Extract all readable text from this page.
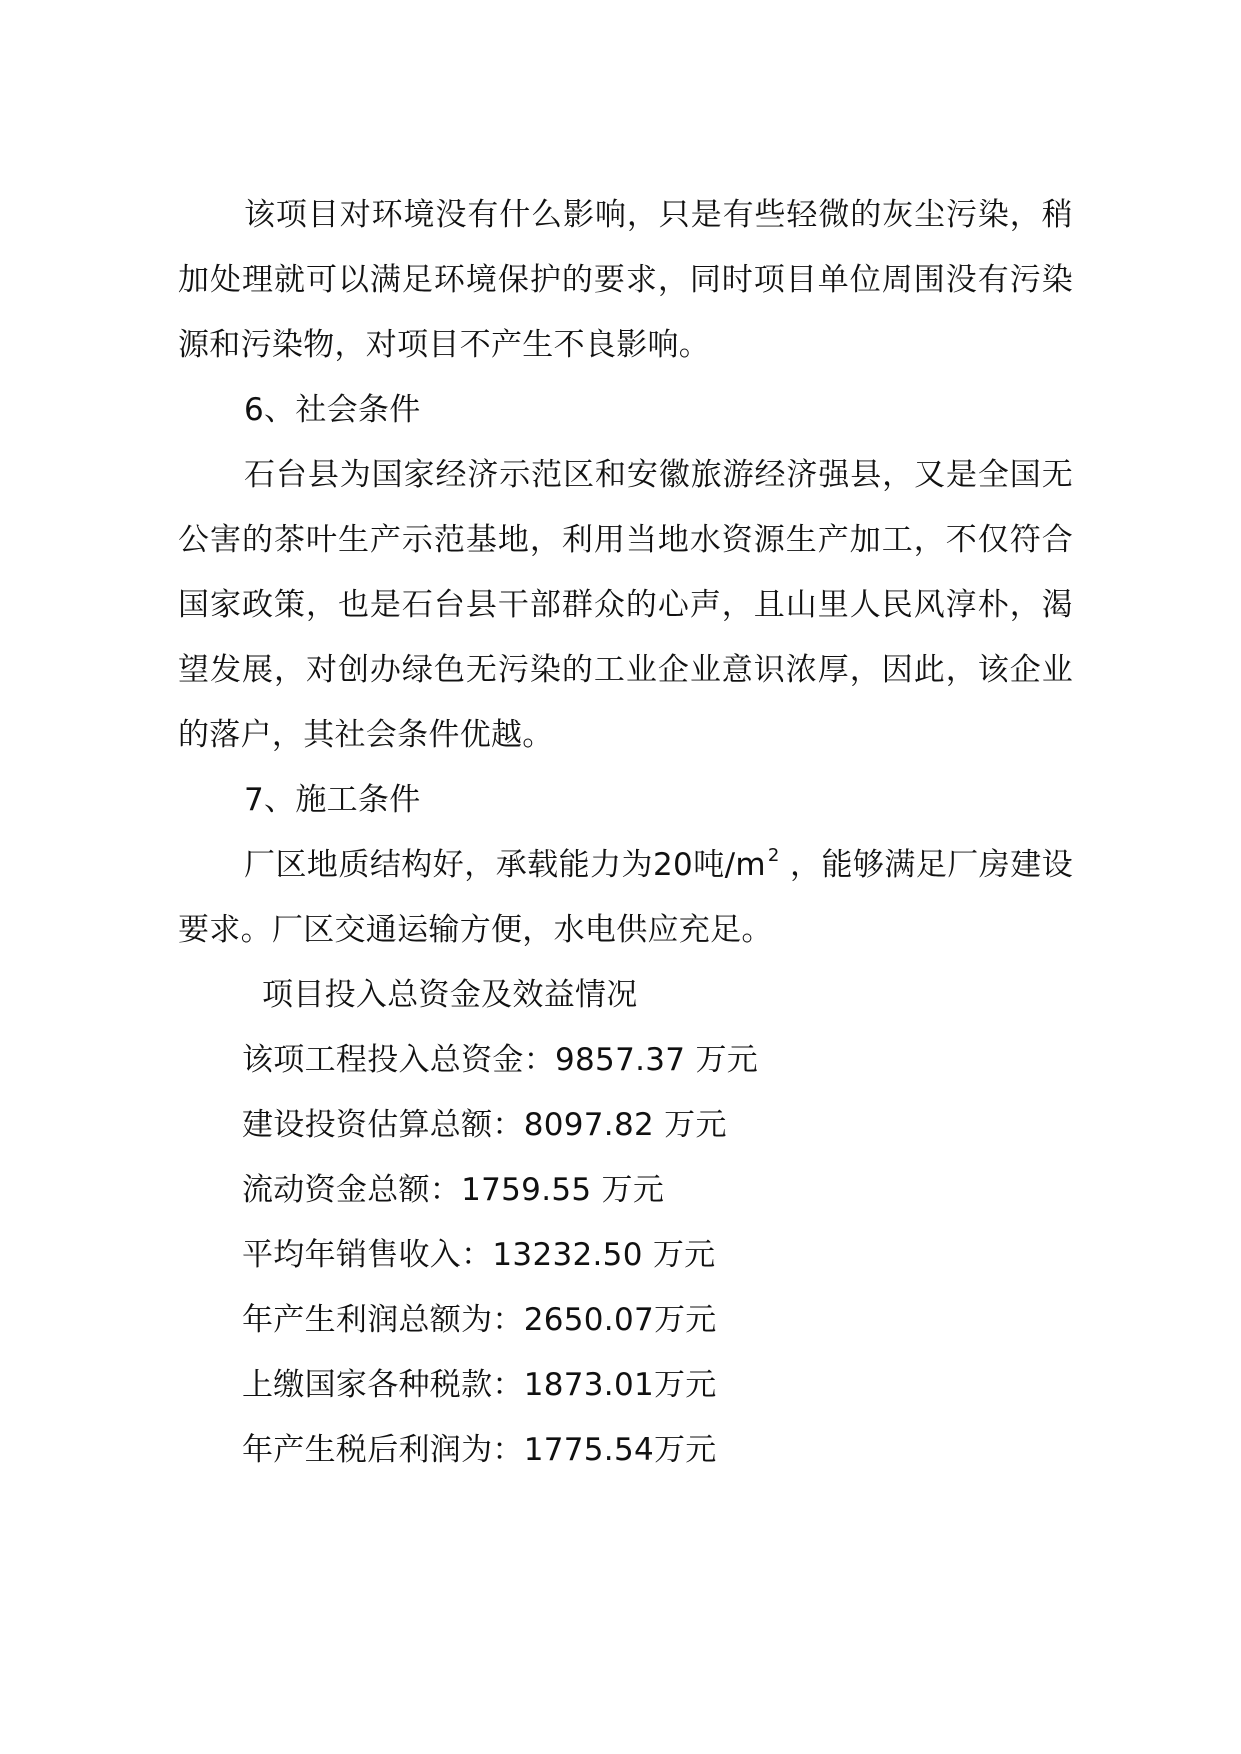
该项目对环境没有什么影响，只是有些轻微的灰尘污染，稍加处理就可以满足环境保护的要求，同时项目单位周围没有污染源和污染物，对项目不产生不良影响。

6、社会条件

石台县为国家经济示范区和安徽旅游经济强县，又是全国无公害的茶叶生产示范基地，利用当地水资源生产加工，不仅符合国家政策，也是石台县干部群众的心声，且山里人民风淳朴，渴望发展，对创办绿色无污染的工业企业意识浓厚，因此，该企业的落户，其社会条件优越。

7、施工条件

厂区地质结构好，承载能力为20吨/m $^2$ ，能够满足厂房建设要求。厂区交通运输方便，水电供应充足。

项目投入总资金及效益情况

该项工程投入总资金：9857.37 万元

建设投资估算总额：8097.82 万元

流动资金总额：1759.55 万元

平均年销售收入：13232.50 万元

年产生利润总额为：2650.07万元

上缴国家各种税款：1873.01万元

年产生税后利润为：1775.54万元
